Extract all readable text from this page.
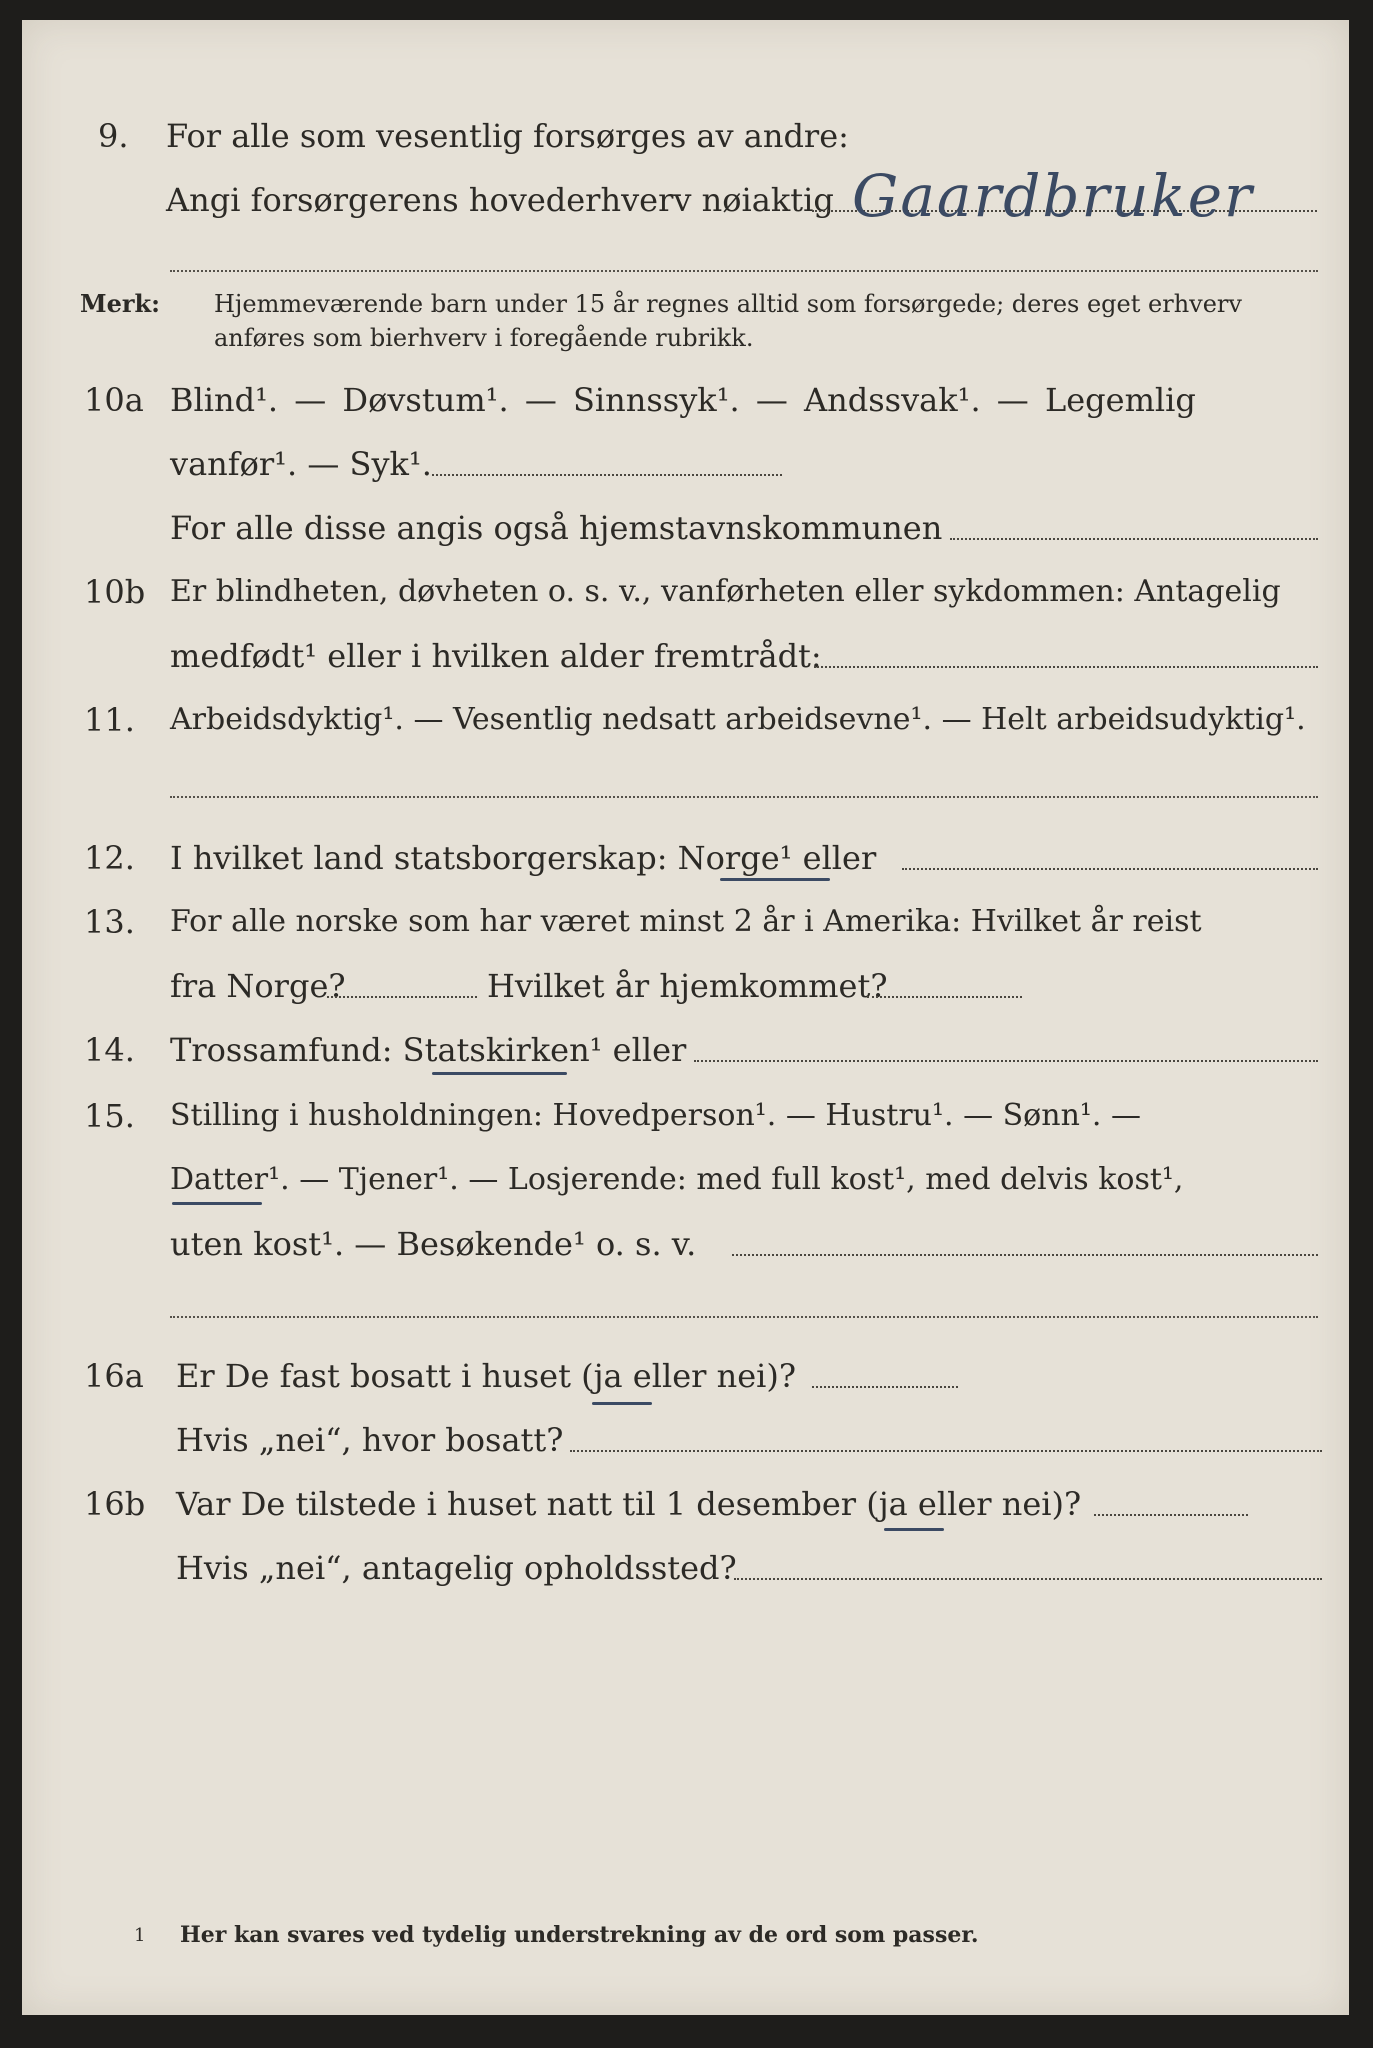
9. For alle som vesentlig forsørges av andre:
Angi forsørgerens hovederhverv nøiaktig Gaardbruker
Merk: Hjemmeværende barn under 15 år regnes alltid som forsørgede; deres eget erhverv
anføres som bierhverv i foregående rubrikk.
10a Blind¹. — Døvstum¹. — Sinnssyk¹. — Andssvak¹. — Legemlig
vanfør¹. — Syk¹.
For alle disse angis også hjemstavnskommunen
10b Er blindheten, døvheten o. s. v., vanførheten eller sykdommen: Antagelig
medfødt¹ eller i hvilken alder fremtrådt:
11. Arbeidsdyktig¹. — Vesentlig nedsatt arbeidsevne¹. — Helt arbeidsudyktig¹.
12. I hvilket land statsborgerskap: Norge¹ eller
13. For alle norske som har været minst 2 år i Amerika: Hvilket år reist
fra Norge?	Hvilket år hjemkommet?
14. Trossamfund: Statskirken¹ eller
15. Stilling i husholdningen: Hovedperson¹. — Hustru¹. — Sønn¹. —
Datter¹. — Tjener¹. — Losjerende: med full kost¹, med delvis kost¹,
uten kost¹. — Besøkende¹ o. s. v.
16a Er De fast bosatt i huset (ja eller nei)?
Hvis „nei“, hvor bosatt?
16b Var De tilstede i huset natt til 1 desember (ja eller nei)?
Hvis „nei“, antagelig opholdssted?
1 Her kan svares ved tydelig understrekning av de ord som passer.
